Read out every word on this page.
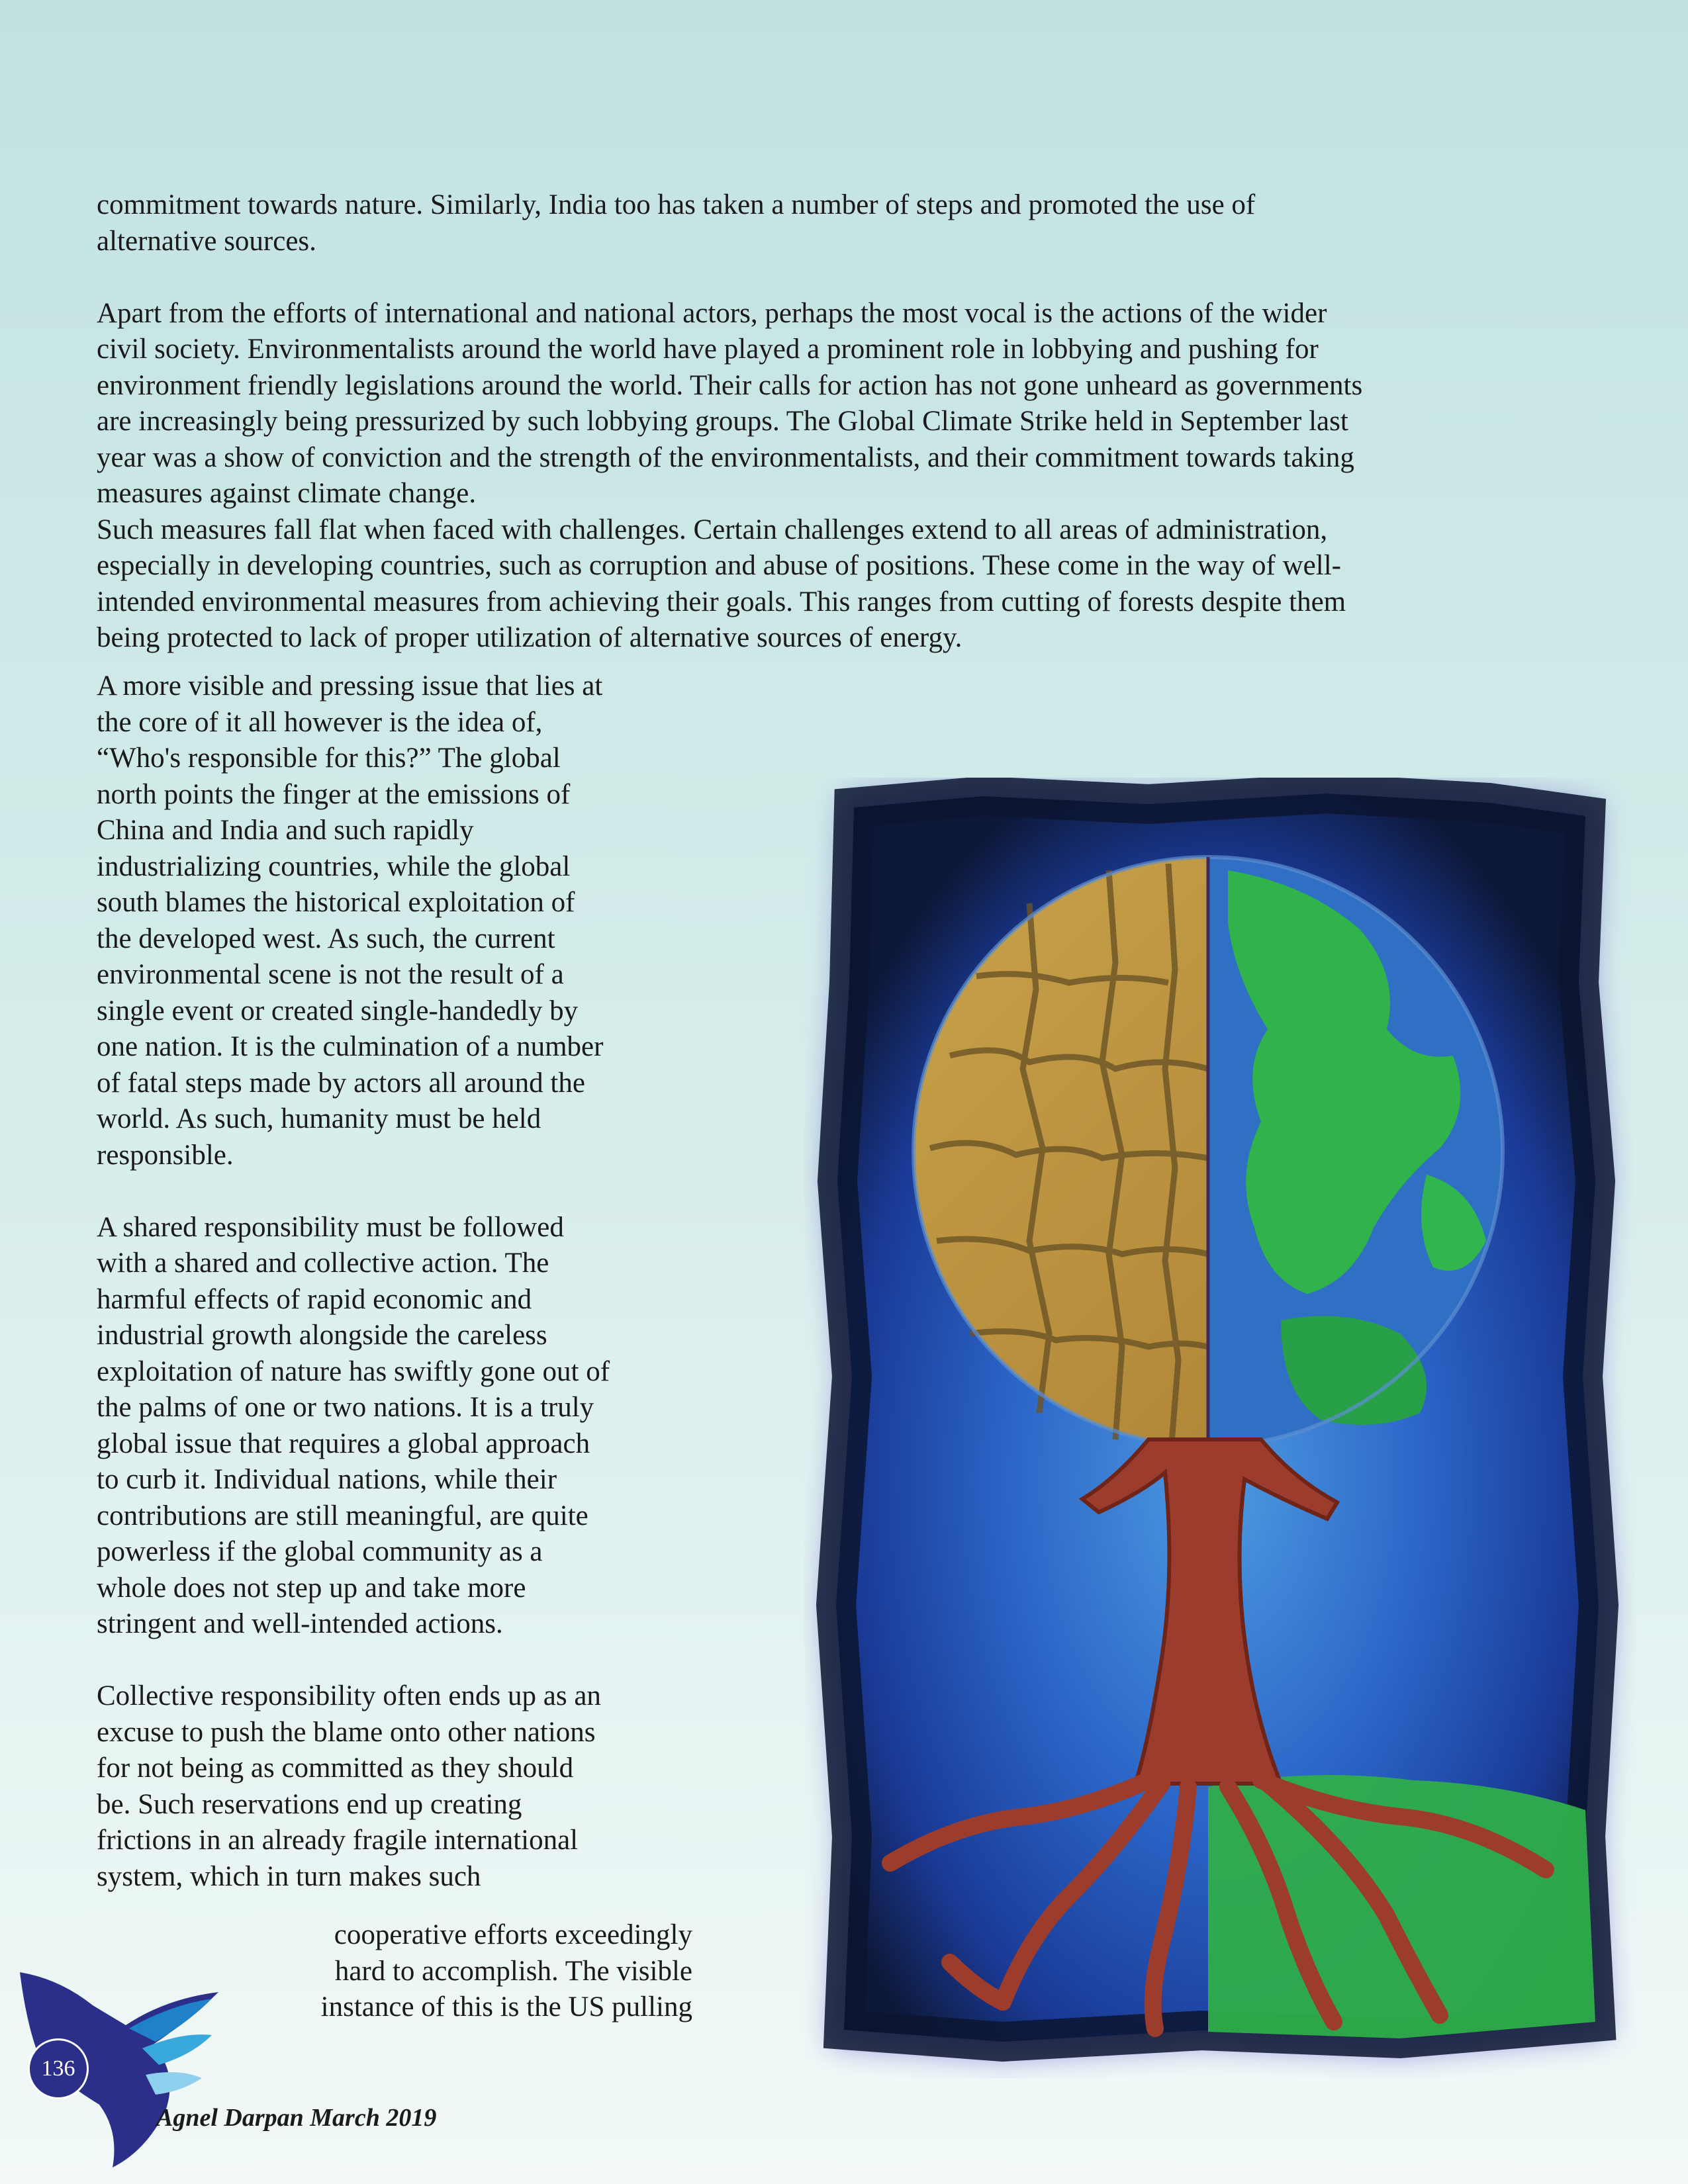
commitment towards nature. Similarly, India too has taken a number of steps and promoted the use of
alternative sources.
Apart from the efforts of international and national actors, perhaps the most vocal is the actions of the wider
civil society. Environmentalists around the world have played a prominent role in lobbying and pushing for
environment friendly legislations around the world. Their calls for action has not gone unheard as governments
are increasingly being pressurized by such lobbying groups. The Global Climate Strike held in September last
year was a show of conviction and the strength of the environmentalists, and their commitment towards taking
measures against climate change.
Such measures fall flat when faced with challenges. Certain challenges extend to all areas of administration,
especially in developing countries, such as corruption and abuse of positions. These come in the way of well-
intended environmental measures from achieving their goals. This ranges from cutting of forests despite them
being protected to lack of proper utilization of alternative sources of energy.

A more visible and pressing issue that lies at
the core of it all however is the idea of,
“Who's responsible for this?” The global
north points the finger at the emissions of
China and India and such rapidly
industrializing countries, while the global
south blames the historical exploitation of
the developed west. As such, the current
environmental scene is not the result of a
single event or created single-handedly by
one nation. It is the culmination of a number
of fatal steps made by actors all around the
world. As such, humanity must be held
responsible.
A shared responsibility must be followed
with a shared and collective action. The
harmful effects of rapid economic and
industrial growth alongside the careless
exploitation of nature has swiftly gone out of
the palms of one or two nations. It is a truly
global issue that requires a global approach
to curb it. Individual nations, while their
contributions are still meaningful, are quite
powerless if the global community as a
whole does not step up and take more
stringent and well-intended actions.
Collective responsibility often ends up as an
excuse to push the blame onto other nations
for not being as committed as they should
be. Such reservations end up creating
frictions in an already fragile international
system, which in turn makes such

cooperative efforts exceedingly
hard to accomplish. The visible
instance of this is the US pulling

136
Agnel Darpan March 2019
